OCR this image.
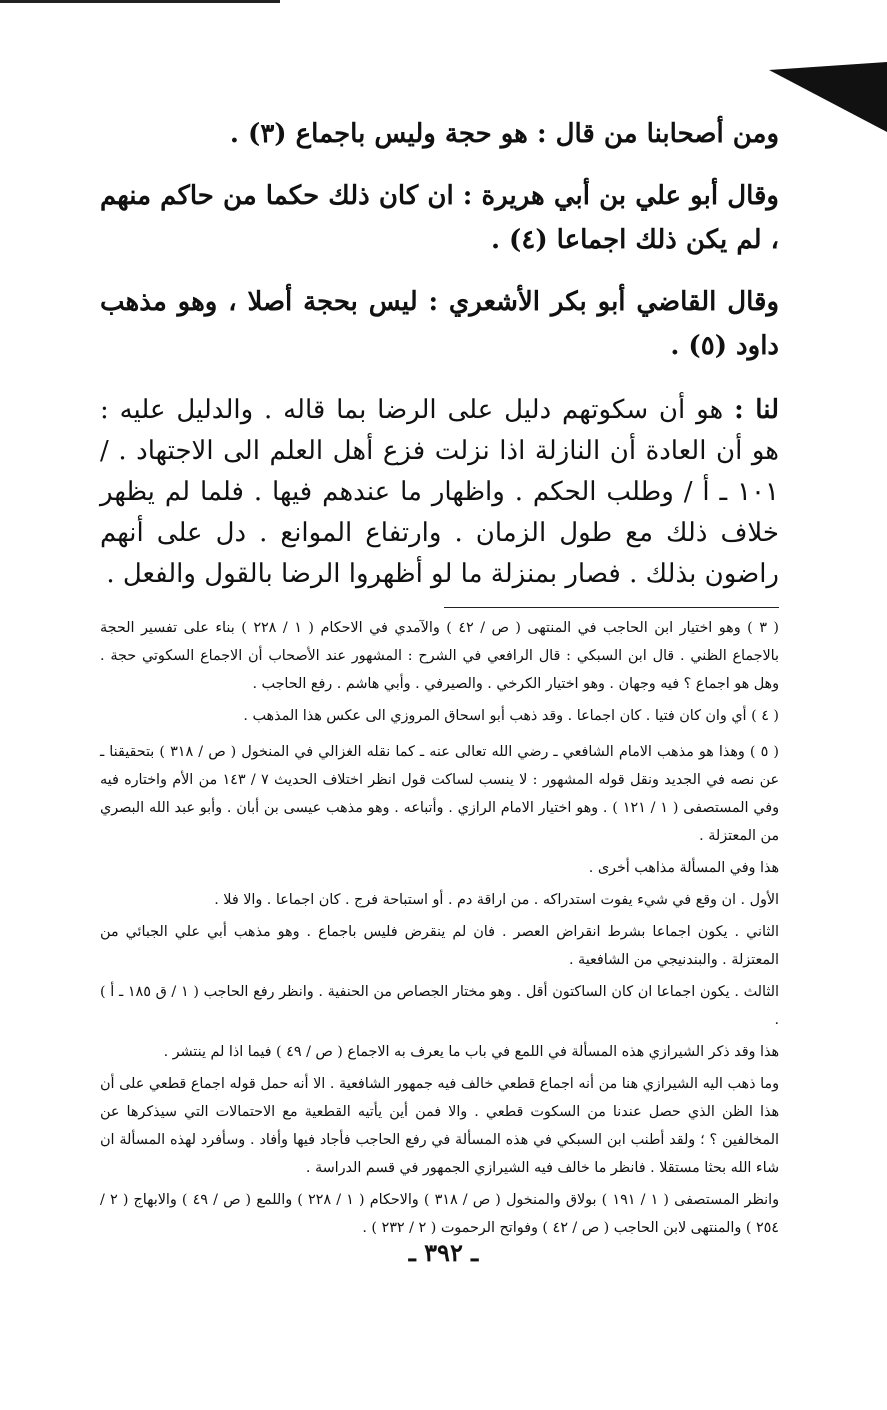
ومن أصحابنا من قال : هو حجة وليس باجماع (٣) .

وقال أبو علي بن أبي هريرة : ان كان ذلك حكما من حاكم منهم ، لم يكن ذلك اجماعا (٤) .

وقال القاضي أبو بكر الأشعري : ليس بحجة أصلا ، وهو مذهب داود (٥) .

لنا : هو أن سكوتهم دليل على الرضا بما قاله . والدليل عليه : هو أن العادة أن النازلة اذا نزلت فزع أهل العلم الى الاجتهاد . / ١٠١ ـ أ / وطلب الحكم . واظهار ما عندهم فيها . فلما لم يظهر خلاف ذلك مع طول الزمان . وارتفاع الموانع . دل على أنهم راضون بذلك . فصار بمنزلة ما لو أظهروا الرضا بالقول والفعل .

( ٣ ) وهو اختيار ابن الحاجب في المنتهى ( ص / ٤٢ ) والآمدي في الاحكام ( ١ / ٢٢٨ ) بناء على تفسير الحجة بالاجماع الظني . قال ابن السبكي : قال الرافعي في الشرح : المشهور عند الأصحاب أن الاجماع السكوتي حجة . وهل هو اجماع ؟ فيه وجهان . وهو اختيار الكرخي . والصيرفي . وأبي هاشم . رفع الحاجب .

( ٤ ) أي وان كان فتيا . كان اجماعا . وقد ذهب أبو اسحاق المروزي الى عكس هذا المذهب .

( ٥ ) وهذا هو مذهب الامام الشافعي ـ رضي الله تعالى عنه ـ كما نقله الغزالي في المنخول ( ص / ٣١٨ ) بتحقيقنا ـ عن نصه في الجديد ونقل قوله المشهور : لا ينسب لساكت قول انظر اختلاف الحديث ٧ / ١٤٣ من الأم واختاره فيه وفي المستصفى ( ١ / ١٢١ ) . وهو اختيار الامام الرازي . وأتباعه . وهو مذهب عيسى بن أبان . وأبو عبد الله البصري من المعتزلة .

هذا وفي المسألة مذاهب أخرى .

الأول . ان وقع في شيء يفوت استدراكه . من اراقة دم . أو استباحة فرج . كان اجماعا . والا فلا .

الثاني . يكون اجماعا بشرط انقراض العصر . فان لم ينقرض فليس باجماع . وهو مذهب أبي علي الجبائي من المعتزلة . والبندنيجي من الشافعية .

الثالث . يكون اجماعا ان كان الساكتون أقل . وهو مختار الجصاص من الحنفية . وانظر رفع الحاجب ( ١ / ق ١٨٥ ـ أ ) .

هذا وقد ذكر الشيرازي هذه المسألة في اللمع في باب ما يعرف به الاجماع ( ص / ٤٩ ) فيما اذا لم ينتشر .

وما ذهب اليه الشيرازي هنا من أنه اجماع قطعي خالف فيه جمهور الشافعية . الا أنه حمل قوله اجماع قطعي على أن هذا الظن الذي حصل عندنا من السكوت قطعي . والا فمن أين يأتيه القطعية مع الاحتمالات التي سيذكرها عن المخالفين ؟ ؛ ولقد أطنب ابن السبكي في هذه المسألة في رفع الحاجب فأجاد فيها وأفاد . وسأفرد لهذه المسألة ان شاء الله بحثا مستقلا . فانظر ما خالف فيه الشيرازي الجمهور في قسم الدراسة .

وانظر المستصفى ( ١ / ١٩١ ) بولاق والمنخول ( ص / ٣١٨ ) والاحكام ( ١ / ٢٢٨ ) واللمع ( ص / ٤٩ ) والابهاج ( ٢ / ٢٥٤ ) والمنتهى لابن الحاجب ( ص / ٤٢ ) وفواتح الرحموت ( ٢ / ٢٣٢ ) .

ـ ٣٩٢ ـ
